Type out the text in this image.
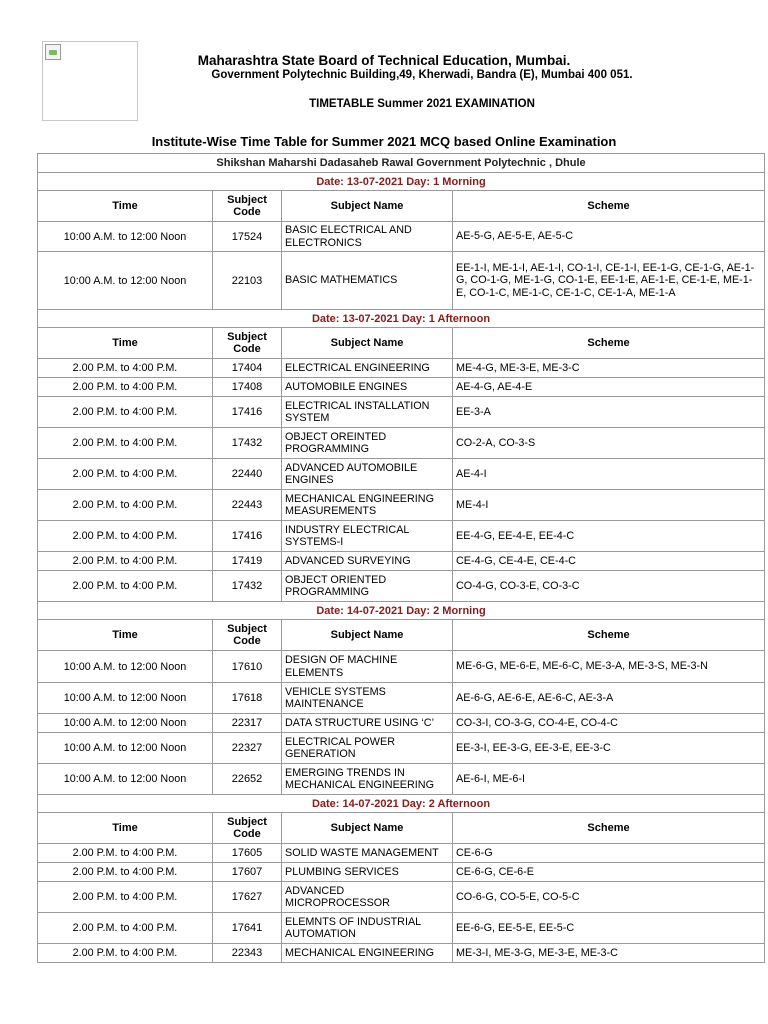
Maharashtra State Board of Technical Education, Mumbai.
Government Polytechnic Building,49, Kherwadi, Bandra (E), Mumbai 400 051.
TIMETABLE Summer 2021 EXAMINATION
Institute-Wise Time Table for Summer 2021 MCQ based Online Examination
Shikshan Maharshi Dadasaheb Rawal Government Polytechnic , Dhule			
Date: 13-07-2021 Day: 1 Morning			
Time	Subject Code	Subject Name	Scheme
10:00 A.M. to 12:00 Noon	17524	BASIC ELECTRICAL AND ELECTRONICS	AE-5-G, AE-5-E, AE-5-C
10:00 A.M. to 12:00 Noon	22103	BASIC MATHEMATICS	EE-1-I, ME-1-I, AE-1-I, CO-1-I, CE-1-I, EE-1-G, CE-1-G, AE-1-G, CO-1-G, ME-1-G, CO-1-E, EE-1-E, AE-1-E, CE-1-E, ME-1-E, CO-1-C, ME-1-C, CE-1-C, CE-1-A, ME-1-A
Date: 13-07-2021 Day: 1 Afternoon			
Time	Subject Code	Subject Name	Scheme
2.00 P.M. to 4:00 P.M.	17404	ELECTRICAL ENGINEERING	ME-4-G, ME-3-E, ME-3-C
2.00 P.M. to 4:00 P.M.	17408	AUTOMOBILE ENGINES	AE-4-G, AE-4-E
2.00 P.M. to 4:00 P.M.	17416	ELECTRICAL INSTALLATION SYSTEM	EE-3-A
2.00 P.M. to 4:00 P.M.	17432	OBJECT OREINTED PROGRAMMING	CO-2-A, CO-3-S
2.00 P.M. to 4:00 P.M.	22440	ADVANCED AUTOMOBILE ENGINES	AE-4-I
2.00 P.M. to 4:00 P.M.	22443	MECHANICAL ENGINEERING MEASUREMENTS	ME-4-I
2.00 P.M. to 4:00 P.M.	17416	INDUSTRY ELECTRICAL SYSTEMS-I	EE-4-G, EE-4-E, EE-4-C
2.00 P.M. to 4:00 P.M.	17419	ADVANCED SURVEYING	CE-4-G, CE-4-E, CE-4-C
2.00 P.M. to 4:00 P.M.	17432	OBJECT ORIENTED PROGRAMMING	CO-4-G, CO-3-E, CO-3-C
Date: 14-07-2021 Day: 2 Morning			
Time	Subject Code	Subject Name	Scheme
10:00 A.M. to 12:00 Noon	17610	DESIGN OF MACHINE ELEMENTS	ME-6-G, ME-6-E, ME-6-C, ME-3-A, ME-3-S, ME-3-N
10:00 A.M. to 12:00 Noon	17618	VEHICLE SYSTEMS MAINTENANCE	AE-6-G, AE-6-E, AE-6-C, AE-3-A
10:00 A.M. to 12:00 Noon	22317	DATA STRUCTURE USING ‘C’	CO-3-I, CO-3-G, CO-4-E, CO-4-C
10:00 A.M. to 12:00 Noon	22327	ELECTRICAL POWER GENERATION	EE-3-I, EE-3-G, EE-3-E, EE-3-C
10:00 A.M. to 12:00 Noon	22652	EMERGING TRENDS IN MECHANICAL ENGINEERING	AE-6-I, ME-6-I
Date: 14-07-2021 Day: 2 Afternoon			
Time	Subject Code	Subject Name	Scheme
2.00 P.M. to 4:00 P.M.	17605	SOLID WASTE MANAGEMENT	CE-6-G
2.00 P.M. to 4:00 P.M.	17607	PLUMBING SERVICES	CE-6-G, CE-6-E
2.00 P.M. to 4:00 P.M.	17627	ADVANCED MICROPROCESSOR	CO-6-G, CO-5-E, CO-5-C
2.00 P.M. to 4:00 P.M.	17641	ELEMNTS OF INDUSTRIAL AUTOMATION	EE-6-G, EE-5-E, EE-5-C
2.00 P.M. to 4:00 P.M.	22343	MECHANICAL ENGINEERING	ME-3-I, ME-3-G, ME-3-E, ME-3-C
